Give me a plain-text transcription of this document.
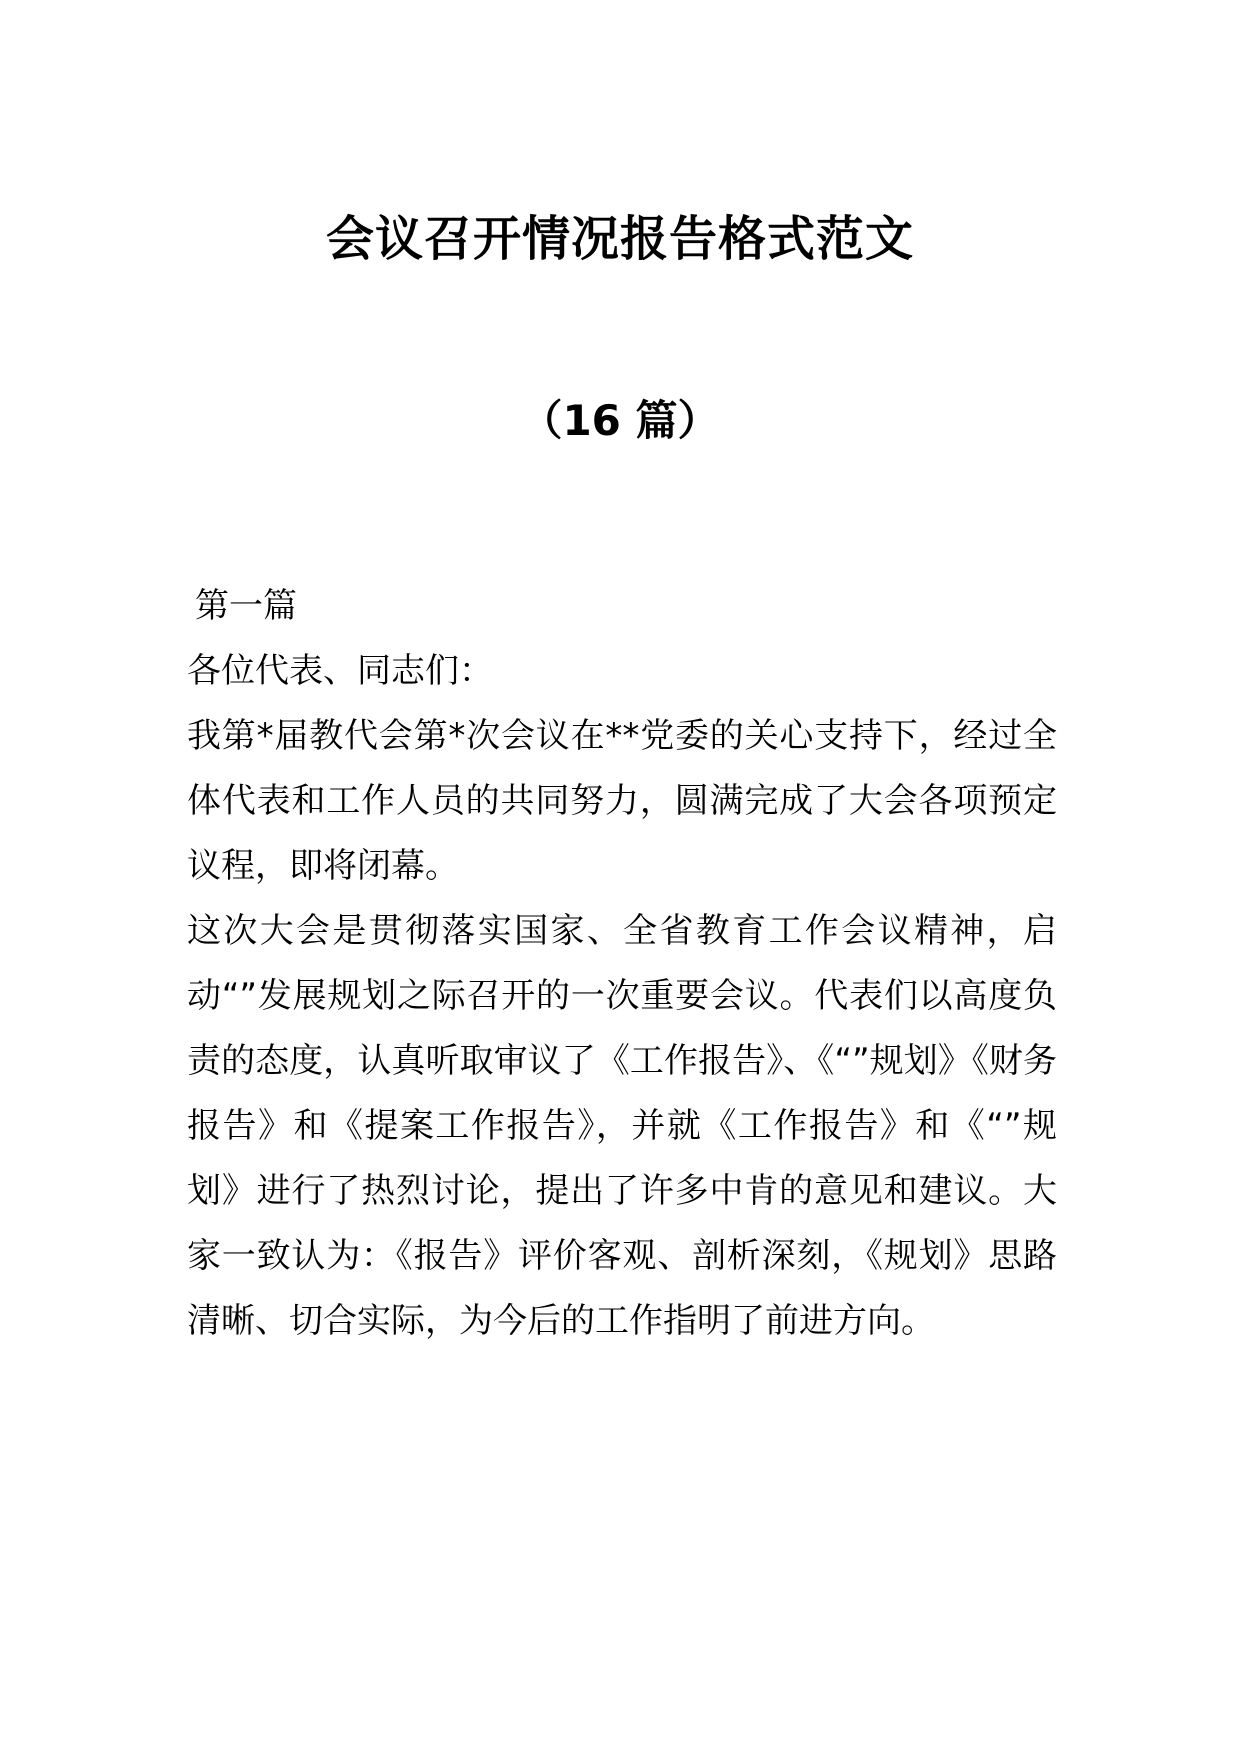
会议召开情况报告格式范文
（16 篇）

第一篇

各位代表、同志们：

我第*届教代会第*次会议在**党委的关心支持下，经过全体代表和工作人员的共同努力，圆满完成了大会各项预定议程，即将闭幕。

这次大会是贯彻落实国家、全省教育工作会议精神，启动“”发展规划之际召开的一次重要会议。代表们以高度负责的态度，认真听取审议了《工作报告》、《“”规划》《财务报告》和《提案工作报告》，并就《工作报告》和《“”规划》进行了热烈讨论，提出了许多中肯的意见和建议。大家一致认为：《报告》评价客观、剖析深刻，《规划》思路清晰、切合实际，为今后的工作指明了前进方向。
